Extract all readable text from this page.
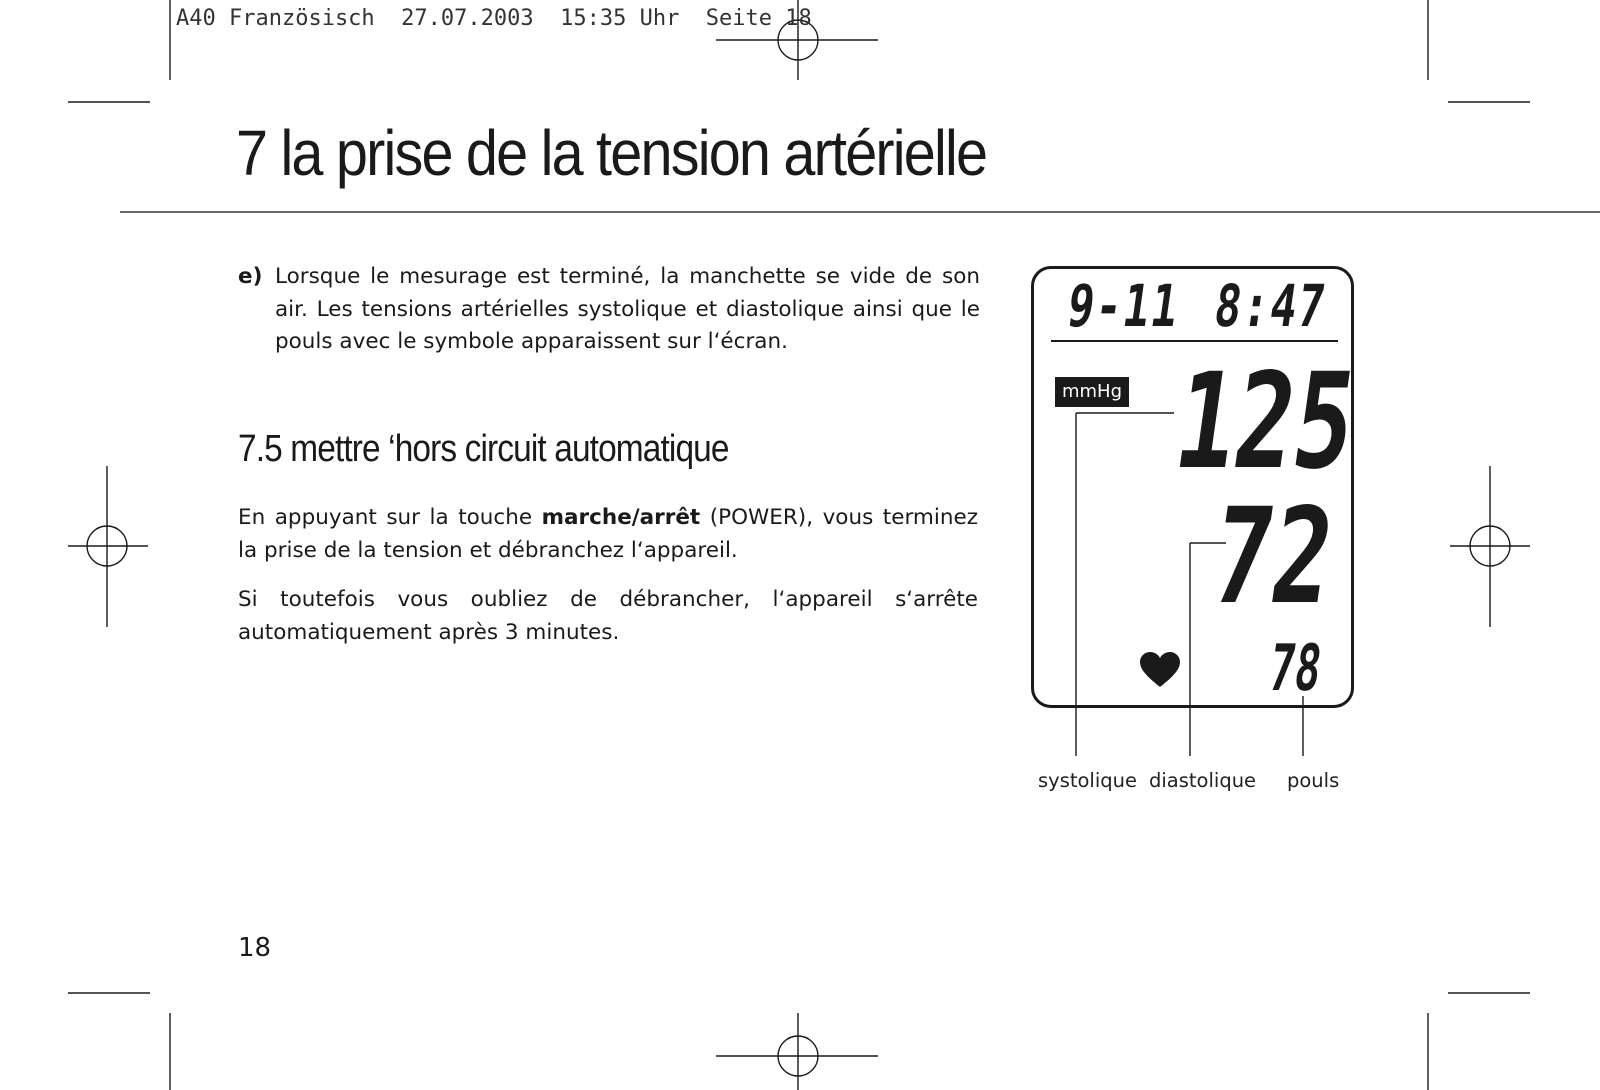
A40 Französisch  27.07.2003  15:35 Uhr  Seite 18
7 la prise de la tension artérielle
e) Lorsque le mesurage est terminé, la manchette se vide de son air. Les tensions artérielles systolique et diastolique ainsi que le pouls avec le symbole apparaissent sur l‘écran.
7.5 mettre ‘hors circuit automatique
En appuyant sur la touche marche/arrêt (POWER), vous terminez la prise de la tension et débranchez l‘appareil.
Si toutefois vous oubliez de débrancher, l‘appareil s‘arrête automatiquement après 3 minutes.
9-11 8:47
mmHg 125
72
78
systolique diastolique pouls
18
